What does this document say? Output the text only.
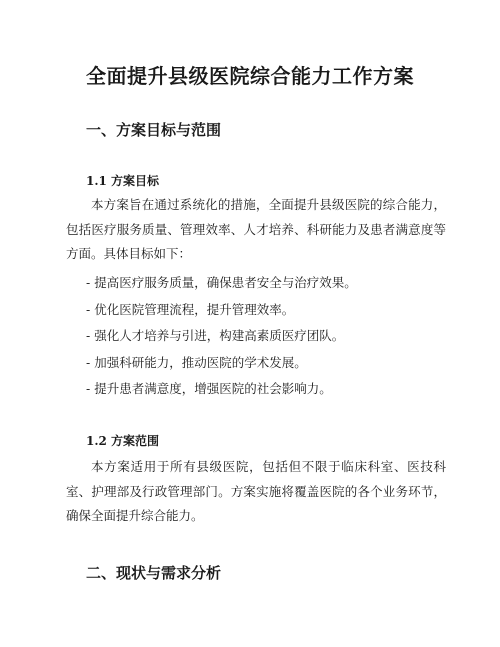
全面提升县级医院综合能力工作方案
一、方案目标与范围
1.1 方案目标

本方案旨在通过系统化的措施，全面提升县级医院的综合能力，包括医疗服务质量、管理效率、人才培养、科研能力及患者满意度等方面。具体目标如下：

- 提高医疗服务质量，确保患者安全与治疗效果。
- 优化医院管理流程，提升管理效率。
- 强化人才培养与引进，构建高素质医疗团队。
- 加强科研能力，推动医院的学术发展。
- 提升患者满意度，增强医院的社会影响力。
1.2 方案范围

本方案适用于所有县级医院，包括但不限于临床科室、医技科室、护理部及行政管理部门。方案实施将覆盖医院的各个业务环节，确保全面提升综合能力。

二、现状与需求分析
